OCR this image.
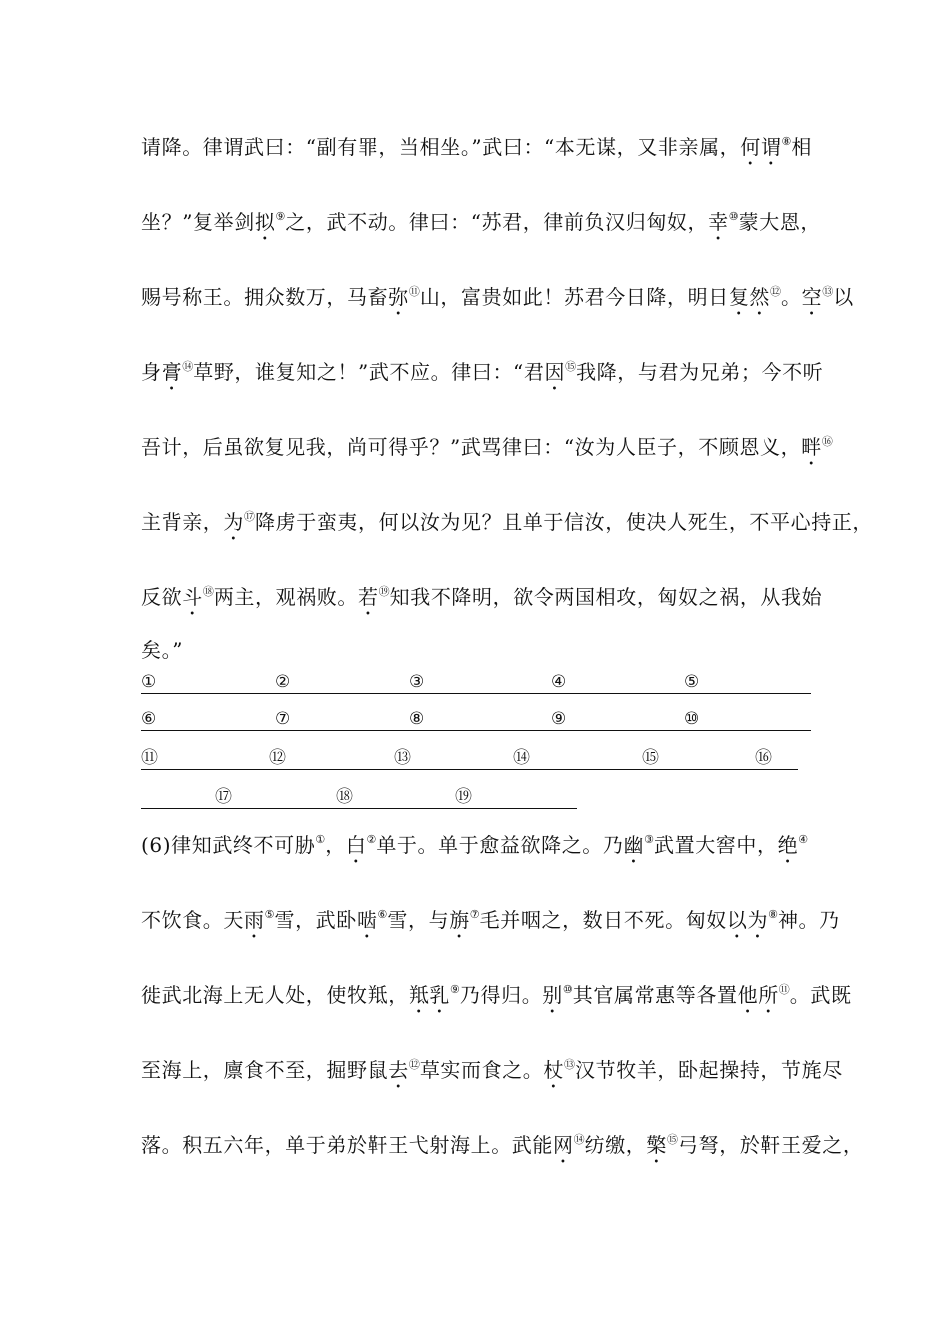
请降。律谓武曰：“副有罪，当相坐。”武曰：“本无谋，又非亲属，何谓⑧相
坐？”复举剑拟⑨之，武不动。律曰：“苏君，律前负汉归匈奴，幸⑩蒙大恩，
赐号称王。拥众数万，马畜弥⑪山，富贵如此！苏君今日降，明日复然⑫。空⑬以
身膏⑭草野，谁复知之！”武不应。律曰：“君因⑮我降，与君为兄弟；今不听
吾计，后虽欲复见我，尚可得乎？”武骂律曰：“汝为人臣子，不顾恩义，畔⑯
主背亲，为⑰降虏于蛮夷，何以汝为见？且单于信汝，使决人死生，不平心持正，
反欲斗⑱两主，观祸败。若⑲知我不降明，欲令两国相攻，匈奴之祸，从我始
矣。”
①	②	③	④	⑤
⑥	⑦	⑧	⑨	⑩
⑪	⑫	⑬	⑭	⑮	⑯
⑰	⑱	⑲
(6)律知武终不可胁①，白②单于。单于愈益欲降之。乃幽③武置大窖中，绝④
不饮食。天雨⑤雪，武卧啮⑥雪，与旃⑦毛并咽之，数日不死。匈奴以为⑧神。乃
徙武北海上无人处，使牧羝，羝乳⑨乃得归。别⑩其官属常惠等各置他所⑪。武既
至海上，廪食不至，掘野鼠去⑫草实而食之。杖⑬汉节牧羊，卧起操持，节旄尽
落。积五六年，单于弟於靬王弋射海上。武能网⑭纺缴，檠⑮弓弩，於靬王爱之，
